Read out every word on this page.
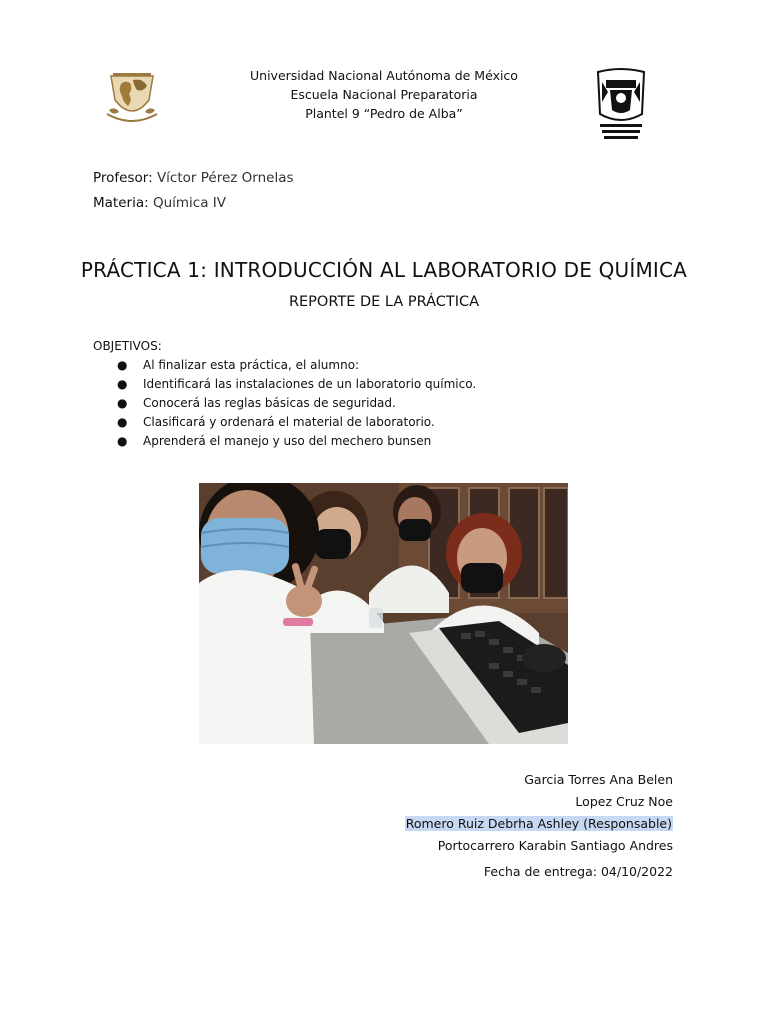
Universidad Nacional Autónoma de México
Escuela Nacional Preparatoria
Plantel 9 “Pedro de Alba”
Profesor: Víctor Pérez Ornelas
Materia: Química IV
PRÁCTICA 1: INTRODUCCIÓN AL LABORATORIO DE QUÍMICA
REPORTE DE LA PRÁCTICA
OBJETIVOS:
● Al finalizar esta práctica, el alumno:
● Identificará las instalaciones de un laboratorio químico.
● Conocerá las reglas básicas de seguridad.
● Clasificará y ordenará el material de laboratorio.
● Aprenderá el manejo y uso del mechero bunsen
Garcia Torres Ana Belen
Lopez Cruz Noe
Romero Ruiz Debrha Ashley (Responsable)
Portocarrero Karabin Santiago Andres
Fecha de entrega: 04/10/2022
